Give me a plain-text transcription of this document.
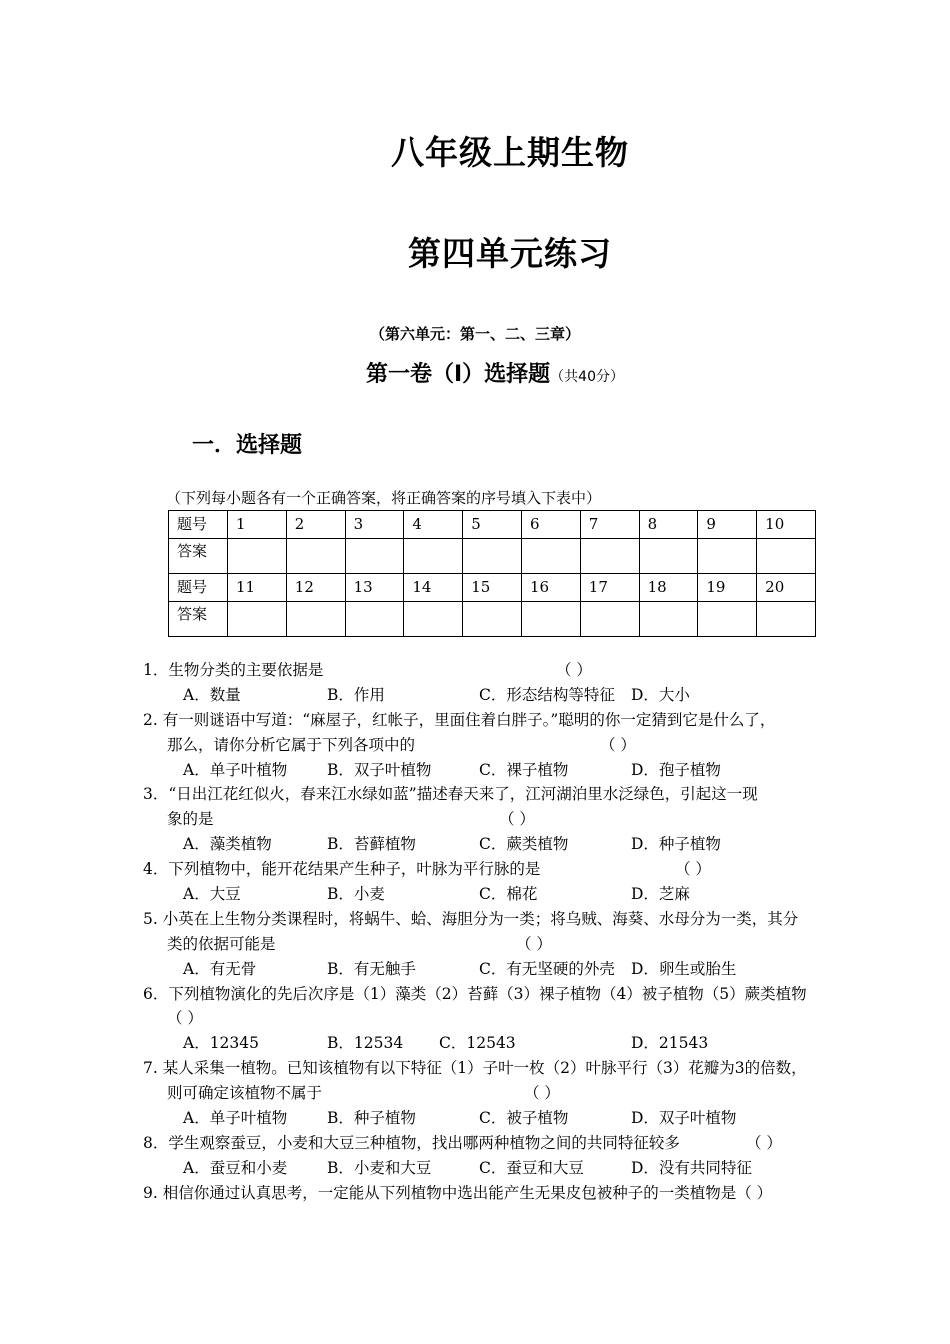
八年级上期生物
第四单元练习
（第六单元：第一、二、三章）
第一卷（I）选择题（共40分）
一．选择题
（下列每小题各有一个正确答案，将正确答案的序号填入下表中）
题号	1	2	3	4	5	6	7	8	9	10
答案										
题号	11	12	13	14	15	16	17	18	19	20
答案										
1．生物分类的主要依据是	（ ）
A．数量	B．作用	C．形态结构等特征 D．大小
2. 有一则谜语中写道：“麻屋子，红帐子，里面住着白胖子。”聪明的你一定猜到它是什么了，
那么，请你分析它属于下列各项中的	（ ）
A．单子叶植物	B．双子叶植物	C．裸子植物	D．孢子植物
3．“日出江花红似火，春来江水绿如蓝”描述春天来了，江河湖泊里水泛绿色，引起这一现
象的是	（ ）
A．藻类植物	B．苔藓植物	C．蕨类植物	D．种子植物
4．下列植物中，能开花结果产生种子，叶脉为平行脉的是	（ ）
A．大豆	B．小麦	C．棉花	D．芝麻
5. 小英在上生物分类课程时，将蜗牛、蛤、海胆分为一类；将乌贼、海葵、水母分为一类，其分
类的依据可能是	（ ）
A．有无骨	B．有无触手	C．有无坚硬的外壳 D．卵生或胎生
6．下列植物演化的先后次序是（1）藻类（2）苔藓（3）裸子植物（4）被子植物（5）蕨类植物
（ ）
A．12345	B．12534 C．12543	D．21543
7. 某人采集一植物。已知该植物有以下特征（1）子叶一枚（2）叶脉平行（3）花瓣为3的倍数，
则可确定该植物不属于	（ ）
A．单子叶植物	B．种子植物	C．被子植物	D．双子叶植物
8．学生观察蚕豆，小麦和大豆三种植物，找出哪两种植物之间的共同特征较多	（ ）
A．蚕豆和小麦	B．小麦和大豆	C．蚕豆和大豆	D．没有共同特征
9. 相信你通过认真思考，一定能从下列植物中选出能产生无果皮包被种子的一类植物是（ ）
